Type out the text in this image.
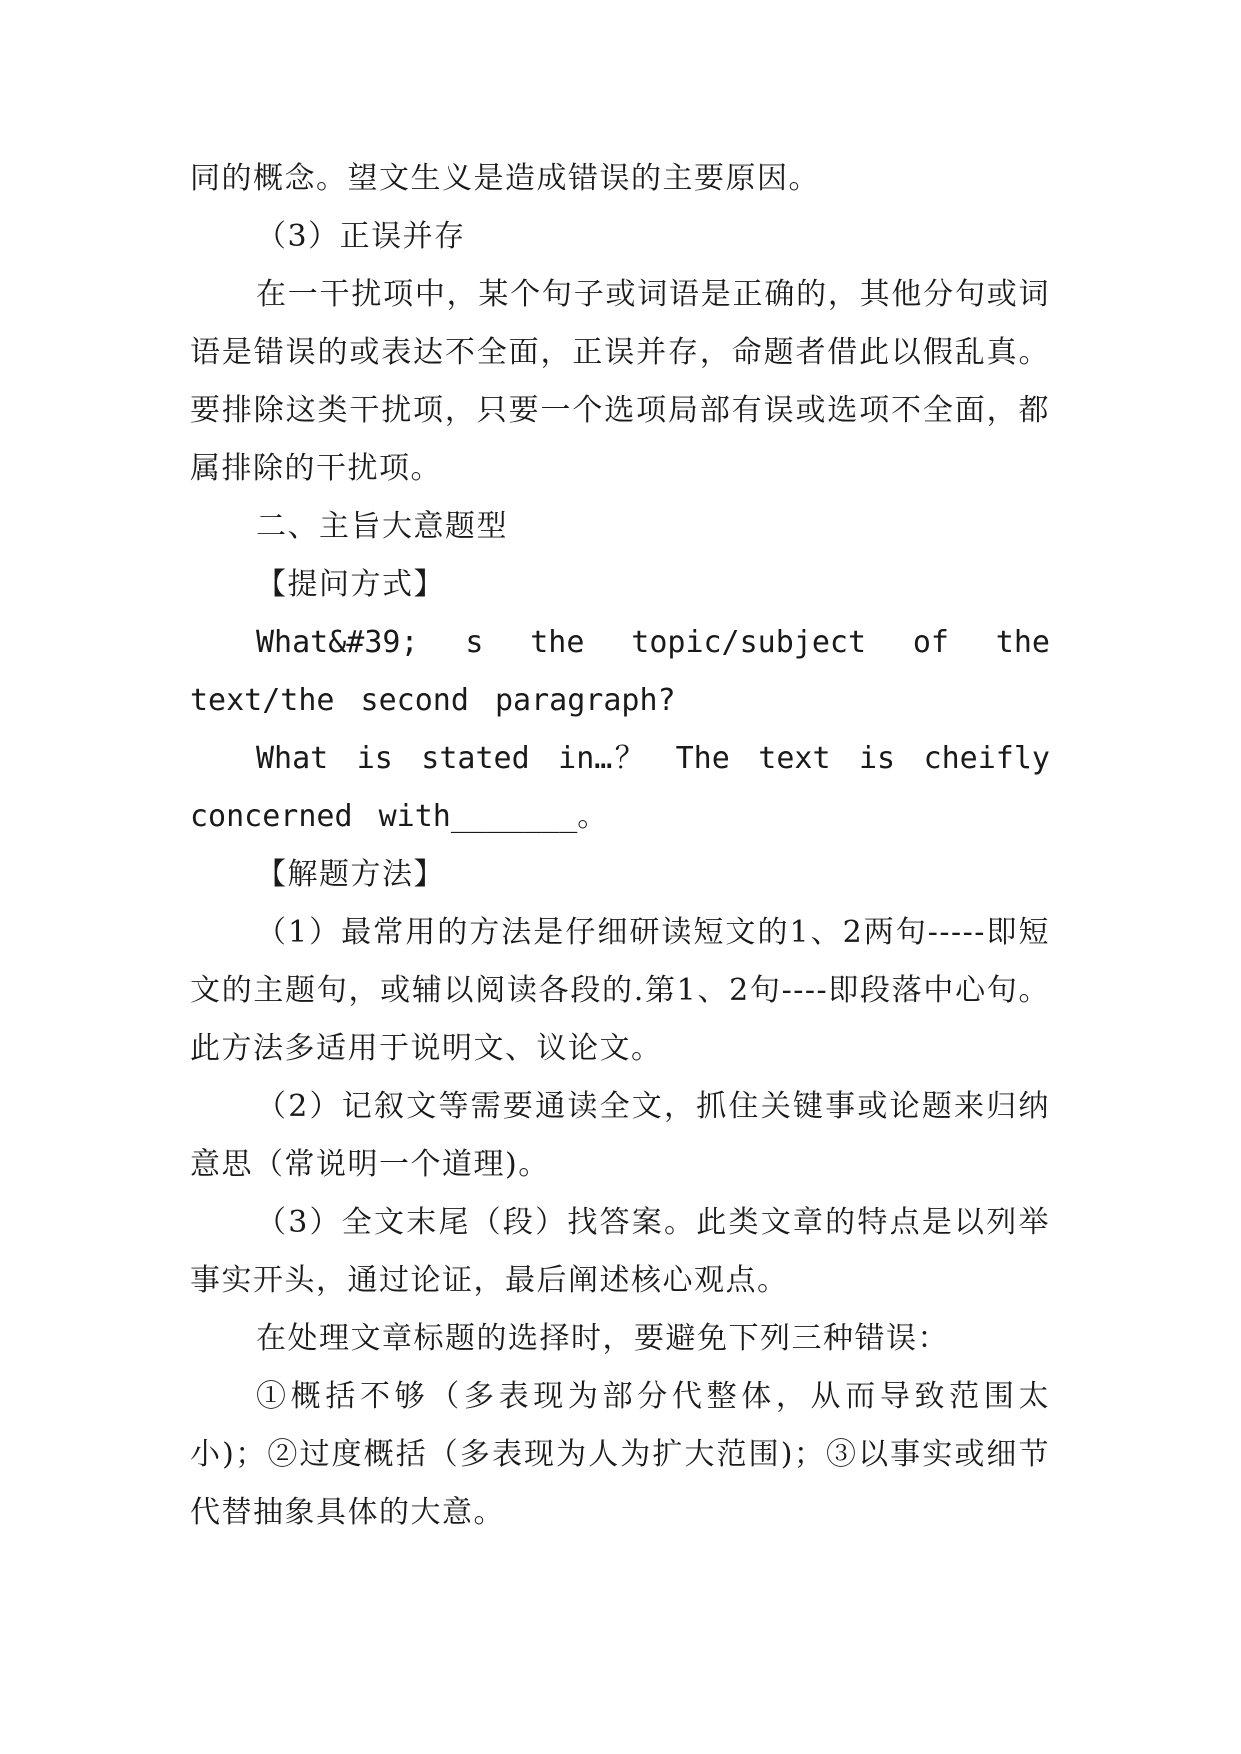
同的概念。望文生义是造成错误的主要原因。

（3）正误并存

在一干扰项中，某个句子或词语是正确的，其他分句或词语是错误的或表达不全面，正误并存，命题者借此以假乱真。要排除这类干扰项，只要一个选项局部有误或选项不全面，都属排除的干扰项。

二、主旨大意题型

【提问方式】

What&#39; s the topic/subject of the text/the second paragraph?

What is stated in…？ The text is cheifly concerned with_______。

【解题方法】

（1）最常用的方法是仔细研读短文的1、2两句-----即短文的主题句，或辅以阅读各段的.第1、2句----即段落中心句。此方法多适用于说明文、议论文。

（2）记叙文等需要通读全文，抓住关键事或论题来归纳意思（常说明一个道理)。

（3）全文末尾（段）找答案。此类文章的特点是以列举事实开头，通过论证，最后阐述核心观点。

在处理文章标题的选择时，要避免下列三种错误：

①概括不够（多表现为部分代整体，从而导致范围太小)；②过度概括（多表现为人为扩大范围)；③以事实或细节代替抽象具体的大意。
